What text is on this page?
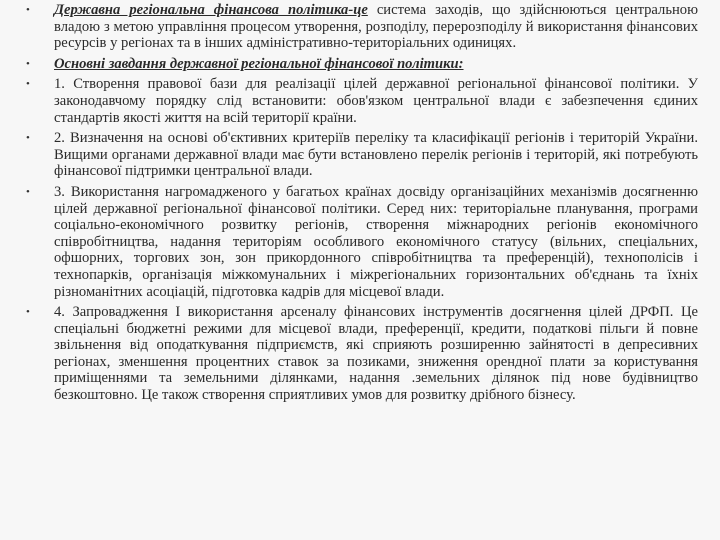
• Державна регіональна фінансова політика-це система заходів, що здійснюються центральною владою з метою управління процесом утворення, розподілу, перерозподілу й використання фінансових ресурсів у регіонах та в інших адміністративно-територіальних одиницях.
• Основні завдання державної регіональної фінансової політики:
• 1. Створення правової бази для реалізації цілей державної регіональної фінансової політики. У законодавчому порядку слід встановити: обов'язком центральної влади є забезпечення єдиних стандартів якості життя на всій території країни.
• 2. Визначення на основі об'єктивних критеріїв переліку та класифікації регіонів і територій України. Вищими органами державної влади має бути встановлено перелік регіонів і територій, які потребують фінансової підтримки центральної влади.
• 3. Використання нагромадженого у багатьох країнах досвіду організаційних механізмів досягненню цілей державної регіональної фінансової політики. Серед них: територіальне планування, програми соціально-економічного розвитку регіонів, створення міжнародних регіонів економічного співробітництва, надання територіям особливого економічного статусу (вільних, спеціальних, офшорних, торгових зон, зон прикордонного співробітництва та преференцій), технополісів і технопарків, організація міжкомунальних і міжрегіональних горизонтальних об'єднань та їхніх різноманітних асоціацій, підготовка кадрів для місцевої влади.
• 4. Запровадження І використання арсеналу фінансових інструментів досягнення цілей ДРФП. Це спеціальні бюджетні режими для місцевої влади, преференції, кредити, податкові пільги й повне звільнення від оподаткування підприємств, які сприяють розширенню зайнятості в депресивних регіонах, зменшення процентних ставок за позиками, зниження орендної плати за користування приміщеннями та земельними ділянками, надання .земельних ділянок під нове будівництво безкоштовно. Це також створення сприятливих умов для розвитку дрібного бізнесу.
